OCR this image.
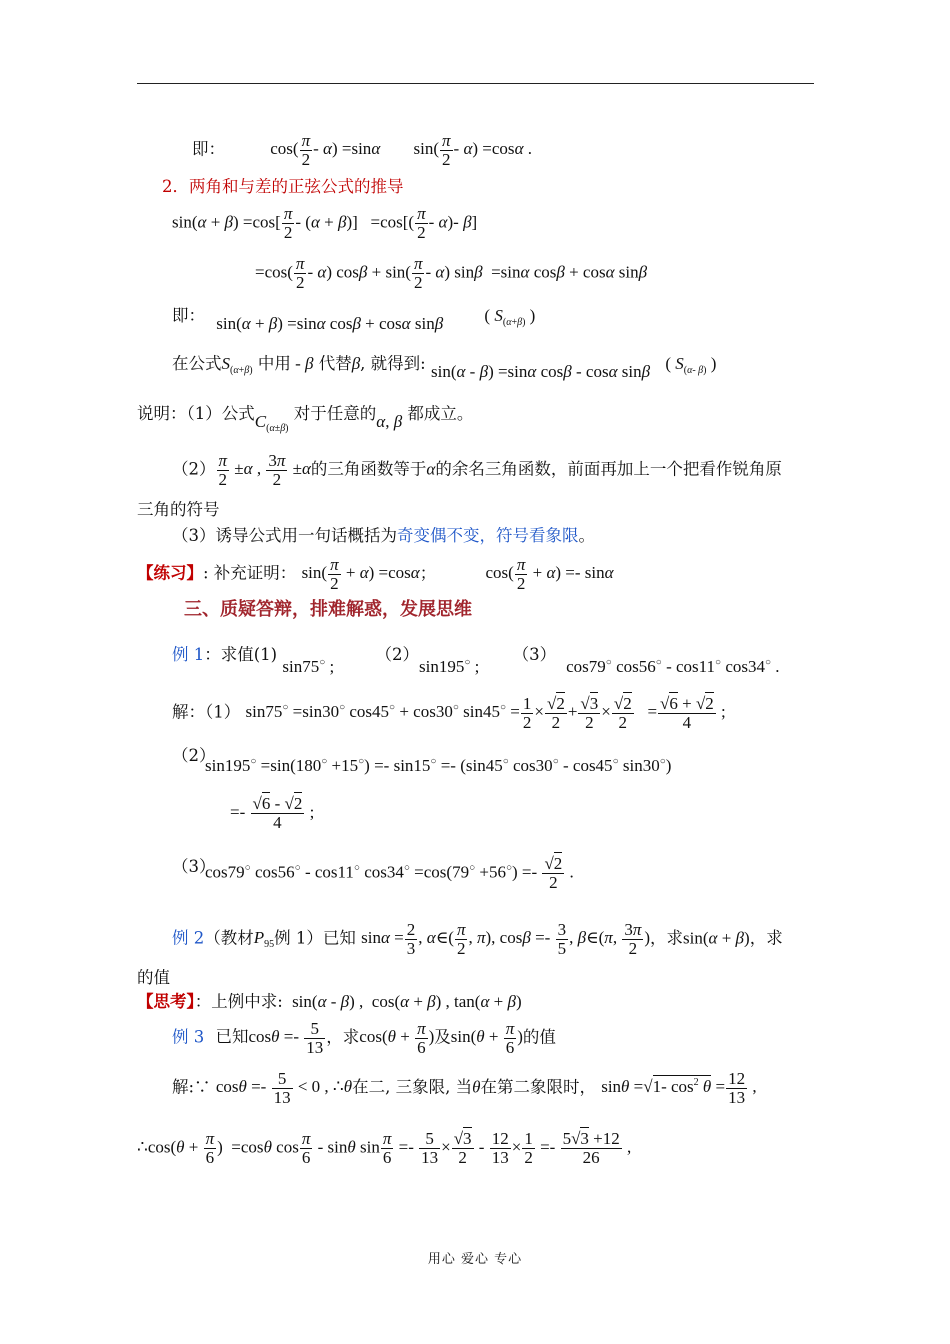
即：	$\cos( \frac{\pi}{2} - \alpha) =\sin\alpha$ $\sin( \frac{\pi}{2} - \alpha) =\cos\alpha$ .
2．两角和与差的正弦公式的推导
$\sin(\alpha + \beta) =\cos[ \frac{\pi}{2} - (\alpha + \beta)] =\cos[( \frac{\pi}{2} - \alpha)-$ β]
$=\cos( \frac{\pi}{2} - \alpha)$ $\cos\beta + \sin( \frac{\pi}{2} - \alpha)$ sinβ  =sinα cosβ + cosα sinβ
即： sin(α + β) =sinα cosβ + cosα sinβ ( $S_{(\alpha+\beta)}$ )
在公式$S_{(\alpha+\beta)}$ 中用 - β 代替β, 就得到: sin(α - β) =sinα cosβ - cosα sinβ ( $S_{(\alpha- \beta)}$ )
说明：（1）公式$C_{(\alpha\pm\beta)}$ 对于任意的α, β 都成立。
$(2) \frac{\pi}{2} \pm\alpha$ , $\frac{3\pi}{2} \pm\alpha$的三角函数等于α的余名三角函数，前面再加上一个把看作锐角原
三角的符号
（3）诱导公式用一句话概括为奇变偶不变，符号看象限。
【练习】: 补充证明： $\sin( \frac{\pi}{2} + \alpha) =\cos\alpha$；	$\cos( \frac{\pi}{2} + \alpha) =- \sin\alpha$
三、质疑答辩，排难解惑，发展思维
例 1：求值(1) sin75○ ; （2）sin195○ ; （3）cos79○ cos56○ - cos11○ cos34○ .
解：（1） sin75○ =sin30○ cos45○ + cos30○ $\sin 45^○ = \frac{1}{2} \times \frac{√2}{2} + \frac{√3}{2} \times \frac{√2}{2} = \frac{√6 + √2}{4}$ ;
（2）
sin195○ =sin(180○ +15○) =- sin15○ =- (sin45○ cos30○ - cos45○ sin30○)
=- $\frac{√6 - √2}{4}$ ;
（3）
cos79○ cos56○ - cos11○ $\cos 34^○ =\cos(79^○ +56^○) =- \frac{√2}{2}$ .
例 2（教材$P_{95}$例 1）已知 $\sin\alpha = \frac{2}{3}$ , α∈( $\frac{\pi}{2}$ , π), $\cos\beta =- \frac{3}{5}$ , β∈(π, $\frac{3\pi}{2}$ )，求sin(α + β)，求
的值
【思考】：上例中求: sin(α - β) ,  cos(α + β) , tan(α + β)
例 3 已知$\cos\theta =- \frac{5}{13}$ ，求$\cos(\theta + \frac{\pi}{6}$ )及$\sin(\theta + \frac{\pi}{6}$ )的值
解:∵ $\cos\theta =- \frac{5}{13} < 0$ , ∴θ在二, 三象限, 当θ在第二象限时， sinθ =√1- $\cos^2 \theta = \frac{12}{13}$ ,
∴cos(θ + $\frac{\pi}{6}$ )  =cosθ $\cos \frac{\pi}{6}$ - sinθ $\sin \frac{\pi}{6} =- \frac{5}{13} \times \frac{√3}{2} - \frac{12}{13} \times \frac{1}{2} =- \frac{5√3 +12}{26}$ ,
用心 爱心 专心
